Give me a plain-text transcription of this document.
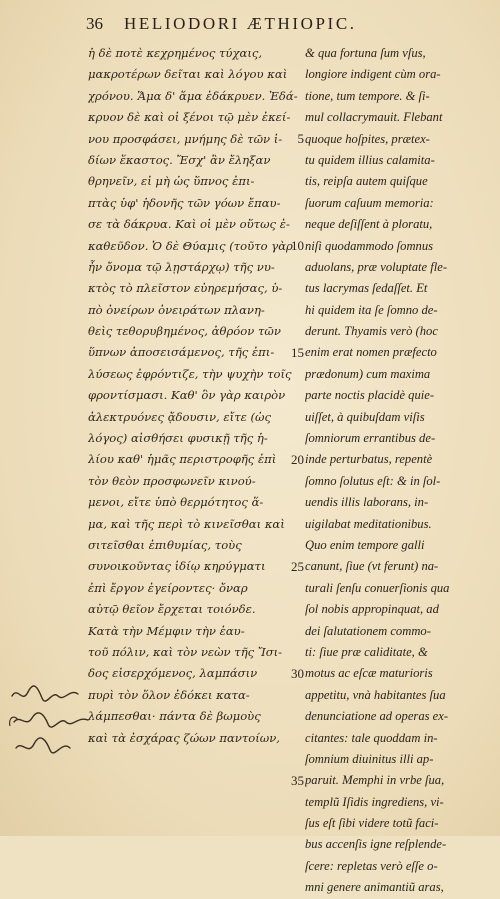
36 HELIODORI ÆTHIOPIC.
ἡ δὲ ποτὲ κεχρημένος τύχαις,
μακροτέρων δεῖται καὶ λόγου καὶ
χρόνου. Ἅμα δ' ἅμα ἐδάκρυεν. Ἐδά-
κρυον δὲ καὶ οἱ ξένοι τῷ μὲν ἐκεί-
νου προσφάσει, μνήμης δὲ τῶν ἰ-
δίων ἕκαστος. Ἔσχ' ἂν ἔληξαν
θρηνεῖν, εἰ μὴ ὡς ὕπνος ἐπι-
πτὰς ὑφ' ἡδονῆς τῶν γόων ἔπαυ-
σε τὰ δάκρυα. Καὶ οἱ μὲν οὕτως ἐ-
καθεῦδον. Ὁ δὲ Θύαμις (τοῦτο γὰρ
ἦν ὄνομα τῷ λῃστάρχῳ) τῆς νυ-
κτὸς τὸ πλεῖστον εὐηρεμήσας, ὑ-
πὸ ὀνείρων ὀνειράτων πλανη-
θεὶς τεθορυβημένος, ἀθρόον τῶν
ὕπνων ἀποσεισάμενος, τῆς ἐπι-
λύσεως ἐφρόντιζε, τὴν ψυχὴν τοῖς
φροντίσμασι. Καθ' ὃν γὰρ καιρὸν
ἀλεκτρυόνες ᾄδουσιν, εἴτε (ὡς
λόγος) αἰσθήσει φυσικῇ τῆς ἡ-
λίου καθ' ἡμᾶς περιστροφῆς ἐπὶ
τὸν θεὸν προσφωνεῖν κινού-
μενοι, εἴτε ὑπὸ θερμότητος ἅ-
μα, καὶ τῆς περὶ τὸ κινεῖσθαι καὶ
σιτεῖσθαι ἐπιθυμίας, τοὺς
συνοικοῦντας ἰδίῳ κηρύγματι
ἐπὶ ἔργον ἐγείροντες· ὄναρ
αὐτῷ θεῖον ἔρχεται τοιόνδε.
Κατὰ τὴν Μέμφιν τὴν ἑαυ-
τοῦ πόλιν, καὶ τὸν νεὼν τῆς Ἴσι-
δος εἰσερχόμενος, λαμπάσιν
πυρὶ τὸν ὅλον ἐδόκει κατα-
λάμπεσθαι· πάντα δὲ βωμοὺς
καὶ τὰ ἐσχάρας ζώων παντοίων,
5
10
15
20
25
30
35
& qua fortuna ſum vſus,
longiore indigent cùm ora-
tione, tum tempore. & ſi-
mul collacrymauit. Flebant
quoque hoſpites, prætex-
tu quidem illius calamita-
tis, reipſa autem quiſque
ſuorum caſuum memoria:
neque deſiſſent à ploratu,
niſi quodammodo ſomnus
aduolans, præ voluptate fle-
tus lacrymas ſedaſſet. Et
hi quidem ita ſe ſomno de-
derunt. Thyamis verò (hoc
enim erat nomen præfecto
prædonum) cum maxima
parte noctis placidè quie-
uiſſet, à quibuſdam viſis
ſomniorum errantibus de-
inde perturbatus, repentè
ſomno ſolutus eſt: & in ſol-
uendis illis laborans, in-
uigilabat meditationibus.
Quo enim tempore galli
canunt, ſiue (vt ferunt) na-
turali ſenſu conuerſionis qua
ſol nobis appropinquat, ad
dei ſalutationem commo-
ti: ſiue præ caliditate, &
motus ac eſcæ maturioris
appetitu, vnà habitantes ſua
denunciatione ad operas ex-
citantes: tale quoddam in-
ſomnium diuinitus illi ap-
paruit. Memphi in vrbe ſua,
templũ Iſidis ingrediens, vi-
ſus eſt ſibi videre totũ faci-
bus accenſis igne reſplende-
ſcere: repletas verò eſſe o-
mni genere animantiũ aras,
